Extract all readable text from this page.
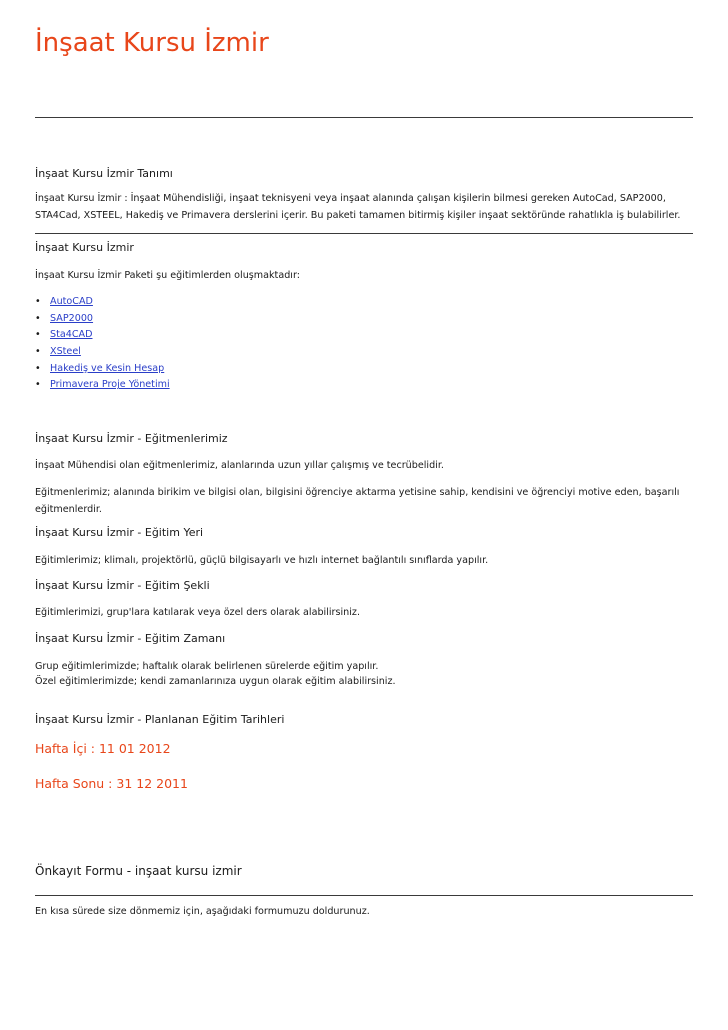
İnşaat Kursu İzmir
İnşaat Kursu İzmir Tanımı
İnşaat Kursu İzmir : İnşaat Mühendisliği, inşaat teknisyeni veya inşaat alanında çalışan kişilerin bilmesi gereken AutoCad, SAP2000, STA4Cad, XSTEEL, Hakediş ve Primavera derslerini içerir. Bu paketi tamamen bitirmiş kişiler inşaat sektöründe rahatlıkla iş bulabilirler.
İnşaat Kursu İzmir
İnşaat Kursu İzmir Paketi şu eğitimlerden oluşmaktadır:
• AutoCAD
• SAP2000
• Sta4CAD
• XSteel
• Hakediş ve Kesin Hesap
• Primavera Proje Yönetimi
İnşaat Kursu İzmir - Eğitmenlerimiz
İnşaat Mühendisi olan eğitmenlerimiz, alanlarında uzun yıllar çalışmış ve tecrübelidir.
Eğitmenlerimiz; alanında birikim ve bilgisi olan, bilgisini öğrenciye aktarma yetisine sahip, kendisini ve öğrenciyi motive eden, başarılı eğitmenlerdir.
İnşaat Kursu İzmir - Eğitim Yeri
Eğitimlerimiz; klimalı, projektörlü, güçlü bilgisayarlı ve hızlı internet bağlantılı sınıflarda yapılır.
İnşaat Kursu İzmir - Eğitim Şekli
Eğitimlerimizi, grup'lara katılarak veya özel ders olarak alabilirsiniz.
İnşaat Kursu İzmir - Eğitim Zamanı
Grup eğitimlerimizde; haftalık olarak belirlenen sürelerde eğitim yapılır.
Özel eğitimlerimizde; kendi zamanlarınıza uygun olarak eğitim alabilirsiniz.
İnşaat Kursu İzmir - Planlanan Eğitim Tarihleri
Hafta İçi : 11 01 2012
Hafta Sonu : 31 12 2011
Önkayıt Formu - inşaat kursu izmir
En kısa sürede size dönmemiz için, aşağıdaki formumuzu doldurunuz.
